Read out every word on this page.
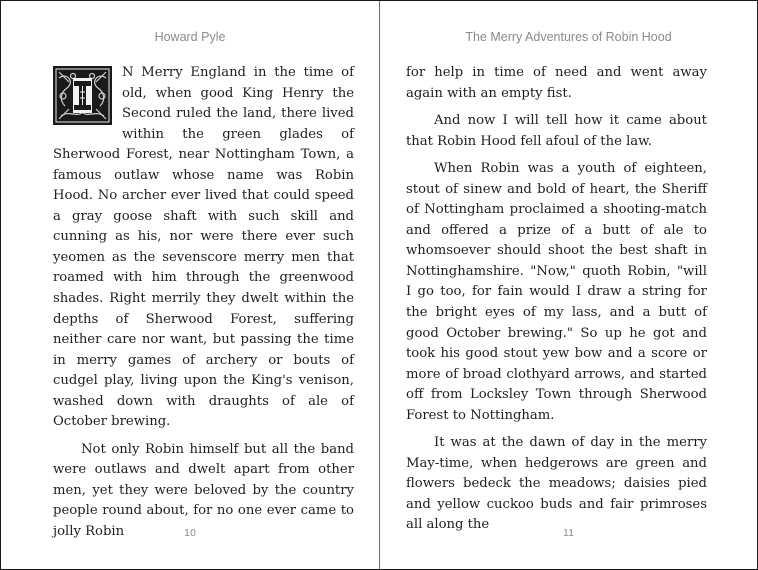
Howard Pyle

N Merry England in the time of old, when good King Henry the Second ruled the land, there lived within the green glades of Sherwood Forest, near Nottingham Town, a famous outlaw whose name was Robin Hood. No archer ever lived that could speed a gray goose shaft with such skill and cunning as his, nor were there ever such yeomen as the sevenscore merry men that roamed with him through the greenwood shades. Right merrily they dwelt within the depths of Sherwood Forest, suffering neither care nor want, but passing the time in merry games of archery or bouts of cudgel play, living upon the King's venison, washed down with draughts of ale of October brewing.

Not only Robin himself but all the band were outlaws and dwelt apart from other men, yet they were beloved by the country people round about, for no one ever came to jolly Robin	10
The Merry Adventures of Robin Hood

for help in time of need and went away again with an empty fist.

And now I will tell how it came about that Robin Hood fell afoul of the law.

When Robin was a youth of eighteen, stout of sinew and bold of heart, the Sheriff of Nottingham proclaimed a shooting-match and offered a prize of a butt of ale to whomsoever should shoot the best shaft in Nottinghamshire. "Now," quoth Robin, "will I go too, for fain would I draw a string for the bright eyes of my lass, and a butt of good October brewing." So up he got and took his good stout yew bow and a score or more of broad clothyard arrows, and started off from Locksley Town through Sherwood Forest to Nottingham.

It was at the dawn of day in the merry May-time, when hedgerows are green and flowers bedeck the meadows; daisies pied and yellow cuckoo buds and fair primroses all along the

11
